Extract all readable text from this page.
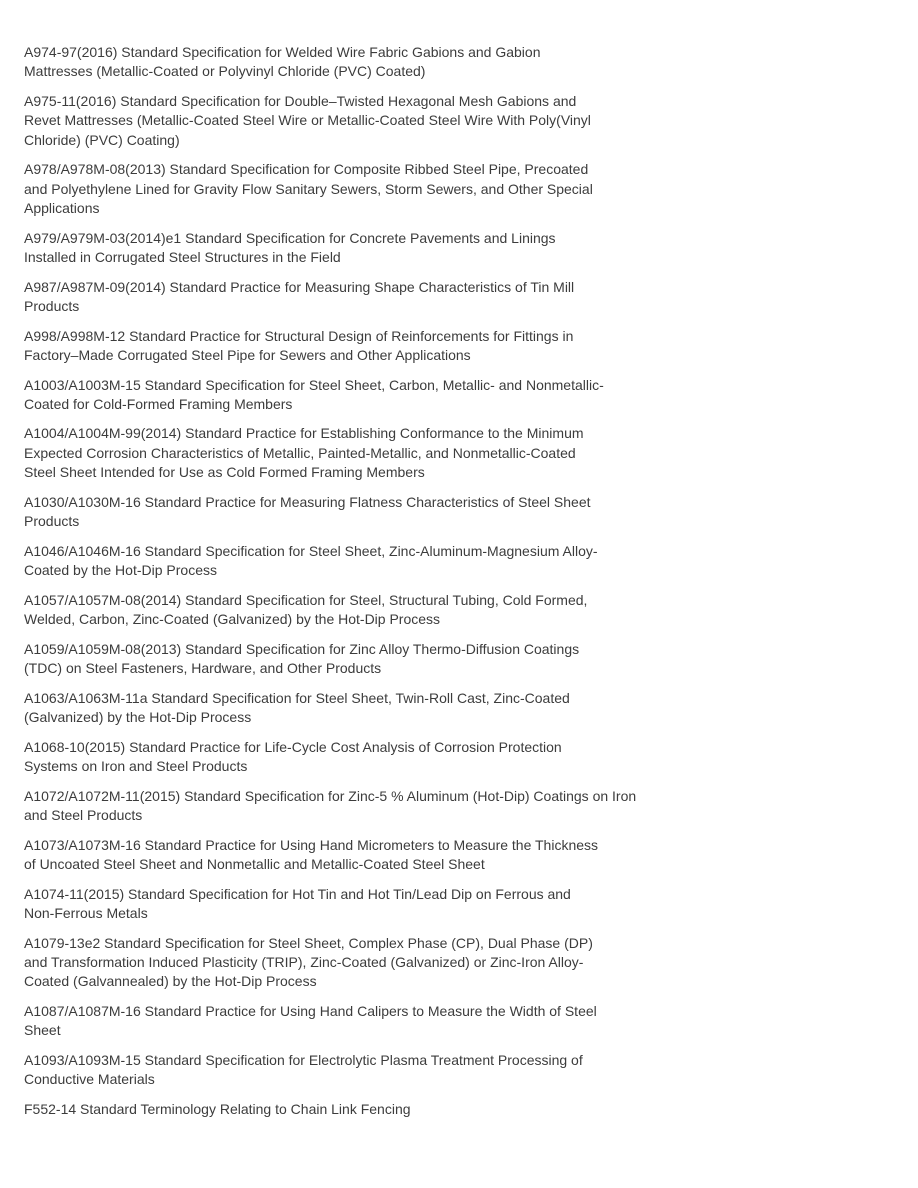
A974-97(2016) Standard Specification for Welded Wire Fabric Gabions and Gabion
Mattresses (Metallic-Coated or Polyvinyl Chloride (PVC) Coated)

A975-11(2016) Standard Specification for Double–Twisted Hexagonal Mesh Gabions and
Revet Mattresses (Metallic-Coated Steel Wire or Metallic-Coated Steel Wire With Poly(Vinyl
Chloride) (PVC) Coating)

A978/A978M-08(2013) Standard Specification for Composite Ribbed Steel Pipe, Precoated
and Polyethylene Lined for Gravity Flow Sanitary Sewers, Storm Sewers, and Other Special
Applications

A979/A979M-03(2014)e1 Standard Specification for Concrete Pavements and Linings
Installed in Corrugated Steel Structures in the Field

A987/A987M-09(2014) Standard Practice for Measuring Shape Characteristics of Tin Mill
Products

A998/A998M-12 Standard Practice for Structural Design of Reinforcements for Fittings in
Factory–Made Corrugated Steel Pipe for Sewers and Other Applications

A1003/A1003M-15 Standard Specification for Steel Sheet, Carbon, Metallic- and Nonmetallic-
Coated for Cold-Formed Framing Members

A1004/A1004M-99(2014) Standard Practice for Establishing Conformance to the Minimum
Expected Corrosion Characteristics of Metallic, Painted-Metallic, and Nonmetallic-Coated
Steel Sheet Intended for Use as Cold Formed Framing Members

A1030/A1030M-16 Standard Practice for Measuring Flatness Characteristics of Steel Sheet
Products

A1046/A1046M-16 Standard Specification for Steel Sheet, Zinc-Aluminum-Magnesium Alloy-
Coated by the Hot-Dip Process

A1057/A1057M-08(2014) Standard Specification for Steel, Structural Tubing, Cold Formed,
Welded, Carbon, Zinc-Coated (Galvanized) by the Hot-Dip Process

A1059/A1059M-08(2013) Standard Specification for Zinc Alloy Thermo-Diffusion Coatings
(TDC) on Steel Fasteners, Hardware, and Other Products

A1063/A1063M-11a Standard Specification for Steel Sheet, Twin-Roll Cast, Zinc-Coated
(Galvanized) by the Hot-Dip Process

A1068-10(2015) Standard Practice for Life-Cycle Cost Analysis of Corrosion Protection
Systems on Iron and Steel Products

A1072/A1072M-11(2015) Standard Specification for Zinc-5 % Aluminum (Hot-Dip) Coatings on Iron
and Steel Products

A1073/A1073M-16 Standard Practice for Using Hand Micrometers to Measure the Thickness
of Uncoated Steel Sheet and Nonmetallic and Metallic-Coated Steel Sheet

A1074-11(2015) Standard Specification for Hot Tin and Hot Tin/Lead Dip on Ferrous and
Non-Ferrous Metals

A1079-13e2 Standard Specification for Steel Sheet, Complex Phase (CP), Dual Phase (DP)
and Transformation Induced Plasticity (TRIP), Zinc-Coated (Galvanized) or Zinc-Iron Alloy-
Coated (Galvannealed) by the Hot-Dip Process

A1087/A1087M-16 Standard Practice for Using Hand Calipers to Measure the Width of Steel
Sheet

A1093/A1093M-15 Standard Specification for Electrolytic Plasma Treatment Processing of
Conductive Materials

F552-14 Standard Terminology Relating to Chain Link Fencing
